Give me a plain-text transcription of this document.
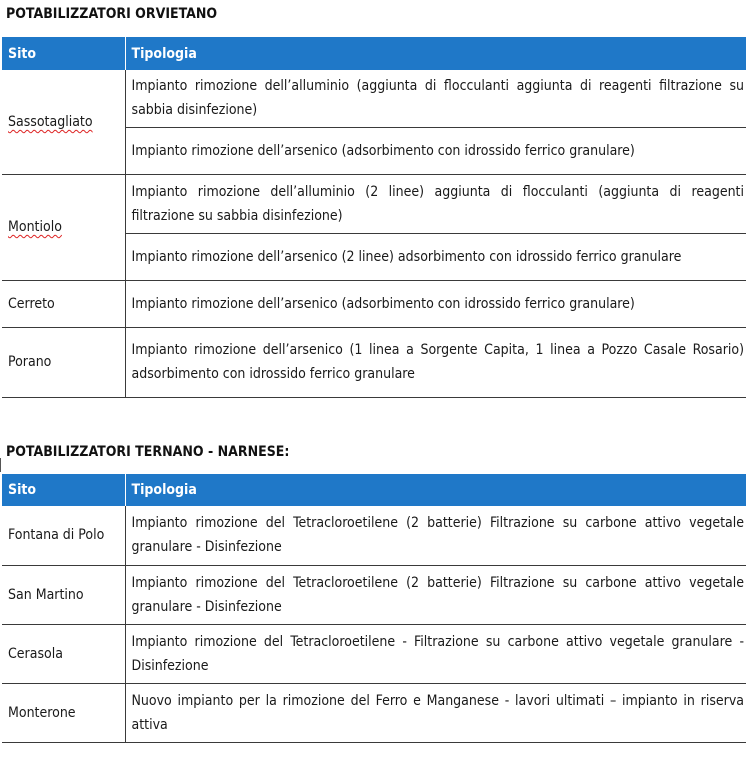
POTABILIZZATORI ORVIETANO
Sito	Tipologia
Sassotagliato	Impianto rimozione dell’alluminio (aggiunta di flocculanti aggiunta di reagenti filtrazione su sabbia disinfezione)
	Impianto rimozione dell’arsenico (adsorbimento con idrossido ferrico granulare)
Montiolo	Impianto rimozione dell’alluminio (2 linee) aggiunta di flocculanti (aggiunta di reagenti filtrazione su sabbia disinfezione)
	Impianto rimozione dell’arsenico (2 linee) adsorbimento con idrossido ferrico granulare
Cerreto	Impianto rimozione dell’arsenico (adsorbimento con idrossido ferrico granulare)
Porano	Impianto rimozione dell’arsenico (1 linea a Sorgente Capita, 1 linea a Pozzo Casale Rosario) adsorbimento con idrossido ferrico granulare
POTABILIZZATORI TERNANO - NARNESE:
Sito	Tipologia
Fontana di Polo	Impianto rimozione del Tetracloroetilene (2 batterie) Filtrazione su carbone attivo vegetale granulare - Disinfezione
San Martino	Impianto rimozione del Tetracloroetilene (2 batterie) Filtrazione su carbone attivo vegetale granulare - Disinfezione
Cerasola	Impianto rimozione del Tetracloroetilene - Filtrazione su carbone attivo vegetale granulare - Disinfezione
Monterone	Nuovo impianto per la rimozione del Ferro e Manganese - lavori ultimati – impianto in riserva attiva
